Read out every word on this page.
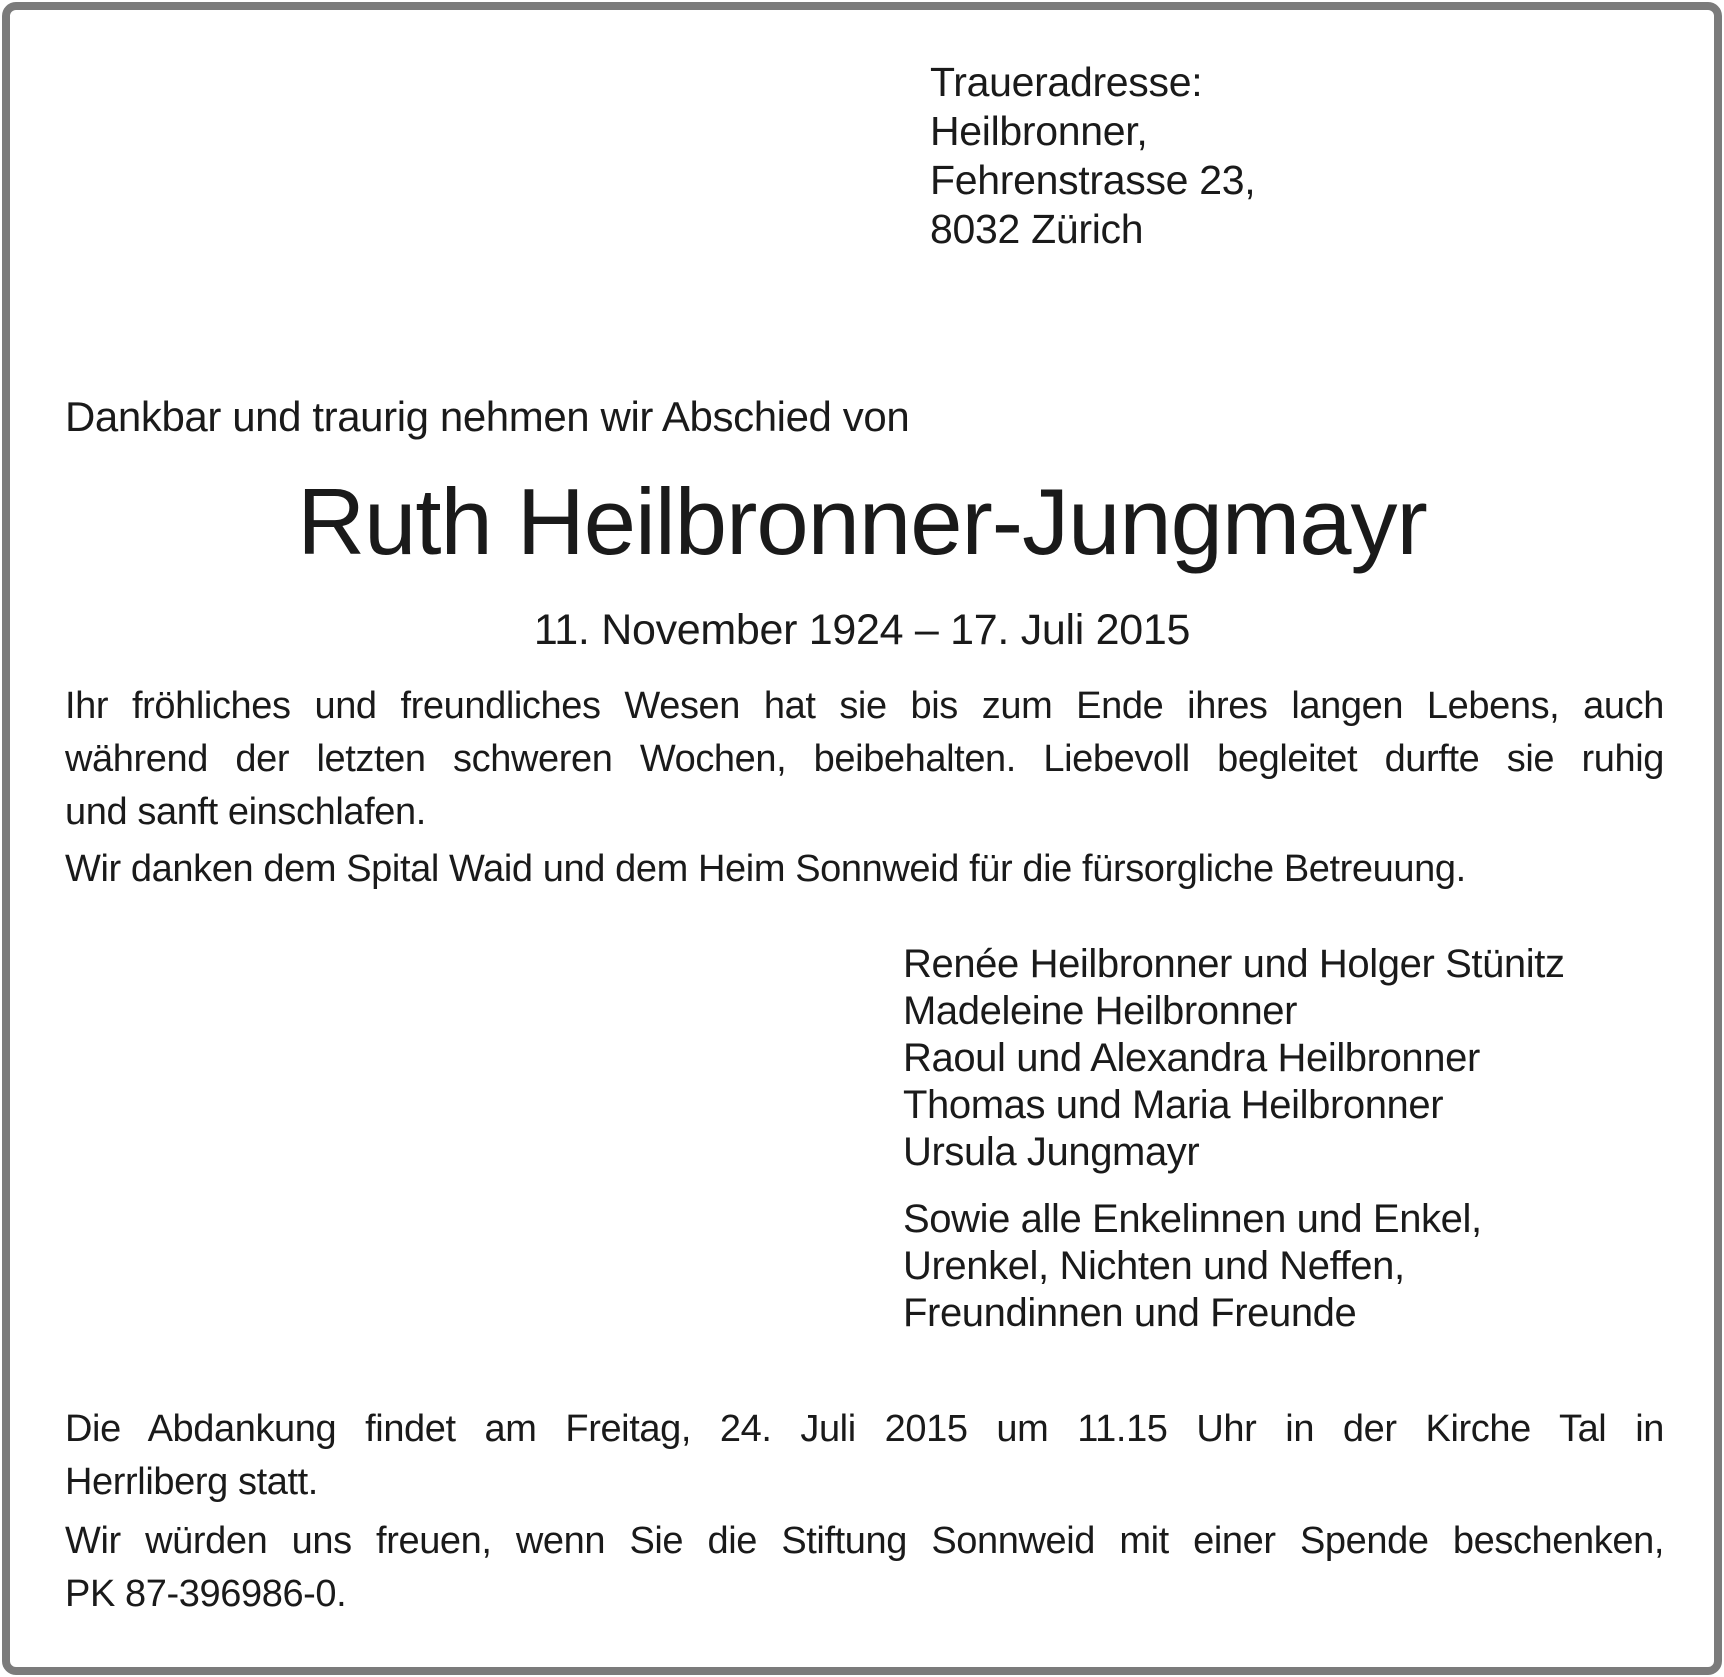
Traueradresse:
Heilbronner,
Fehrenstrasse 23,
8032 Zürich
Dankbar und traurig nehmen wir Abschied von
Ruth Heilbronner-Jungmayr
11. November 1924 – 17. Juli 2015
Ihr fröhliches und freundliches Wesen hat sie bis zum Ende ihres langen Lebens, auch
während der letzten schweren Wochen, beibehalten. Liebevoll begleitet durfte sie ruhig
und sanft einschlafen.
Wir danken dem Spital Waid und dem Heim Sonnweid für die fürsorgliche Betreuung.
Renée Heilbronner und Holger Stünitz
Madeleine Heilbronner
Raoul und Alexandra Heilbronner
Thomas und Maria Heilbronner
Ursula Jungmayr
Sowie alle Enkelinnen und Enkel,
Urenkel, Nichten und Neffen,
Freundinnen und Freunde
Die Abdankung findet am Freitag, 24. Juli 2015 um 11.15 Uhr in der Kirche Tal in
Herrliberg statt.
Wir würden uns freuen, wenn Sie die Stiftung Sonnweid mit einer Spende beschenken,
PK 87-396986-0.
